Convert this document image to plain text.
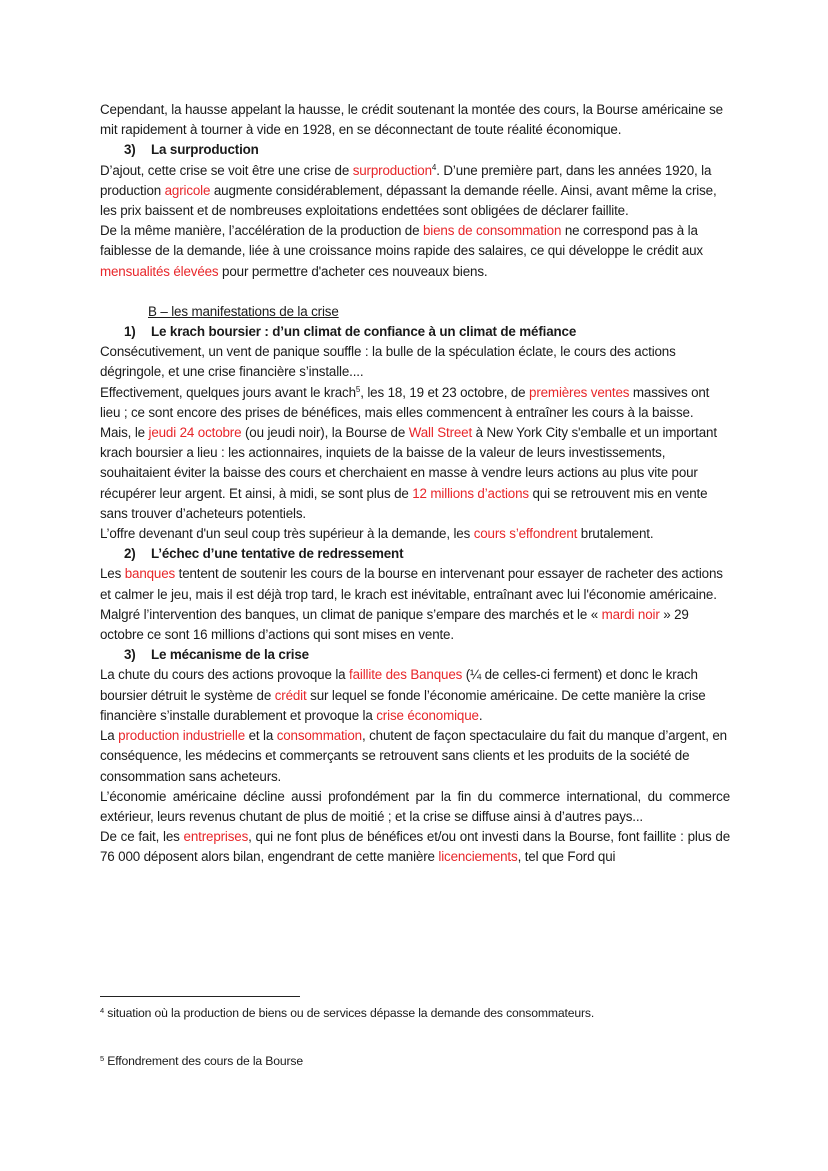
Cependant, la hausse appelant la hausse, le crédit soutenant la montée des cours, la Bourse américaine se mit rapidement à tourner à vide en 1928, en se déconnectant de toute réalité économique.

3) La surproduction

D’ajout, cette crise se voit être une crise de surproduction$^4$. D’une première part, dans les années 1920, la production agricole augmente considérablement, dépassant la demande réelle. Ainsi, avant même la crise, les prix baissent et de nombreuses exploitations endettées sont obligées de déclarer faillite.

De la même manière, l’accélération de la production de biens de consommation ne correspond pas à la faiblesse de la demande, liée à une croissance moins rapide des salaires, ce qui développe le crédit aux mensualités élevées pour permettre d'acheter ces nouveaux biens.

B – les manifestations de la crise

1) Le krach boursier : d’un climat de confiance à un climat de méfiance

Consécutivement, un vent de panique souffle : la bulle de la spéculation éclate, le cours des actions dégringole, et une crise financière s’installe....

Effectivement, quelques jours avant le krach$^5$, les 18, 19 et 23 octobre, de premières ventes massives ont lieu ; ce sont encore des prises de bénéfices, mais elles commencent à entraîner les cours à la baisse.

Mais, le jeudi 24 octobre (ou jeudi noir), la Bourse de Wall Street à New York City s'emballe et un important krach boursier a lieu : les actionnaires, inquiets de la baisse de la valeur de leurs investissements, souhaitaient éviter la baisse des cours et cherchaient en masse à vendre leurs actions au plus vite pour récupérer leur argent. Et ainsi, à midi, se sont plus de 12 millions d’actions qui se retrouvent mis en vente sans trouver d’acheteurs potentiels.

L’offre devenant d'un seul coup très supérieur à la demande, les cours s’effondrent brutalement.

2) L’échec d’une tentative de redressement

Les banques tentent de soutenir les cours de la bourse en intervenant pour essayer de racheter des actions et calmer le jeu, mais il est déjà trop tard, le krach est inévitable, entraînant avec lui l'économie américaine.

Malgré l’intervention des banques, un climat de panique s’empare des marchés et le « mardi noir » 29 octobre ce sont 16 millions d’actions qui sont mises en vente.

3) Le mécanisme de la crise

La chute du cours des actions provoque la faillite des Banques (¼ de celles-ci ferment) et donc le krach boursier détruit le système de crédit sur lequel se fonde l’économie américaine. De cette manière la crise financière s’installe durablement et provoque la crise économique.

La production industrielle et la consommation, chutent de façon spectaculaire du fait du manque d’argent, en conséquence, les médecins et commerçants se retrouvent sans clients et les produits de la société de consommation sans acheteurs.

L’économie américaine décline aussi profondément par la fin du commerce international, du commerce extérieur, leurs revenus chutant de plus de moitié ; et la crise se diffuse ainsi à d’autres pays...

De ce fait, les entreprises, qui ne font plus de bénéfices et/ou ont investi dans la Bourse, font faillite : plus de 76 000 déposent alors bilan, engendrant de cette manière licenciements, tel que Ford qui

$^4$ situation où la production de biens ou de services dépasse la demande des consommateurs.
$^5$ Effondrement des cours de la Bourse
